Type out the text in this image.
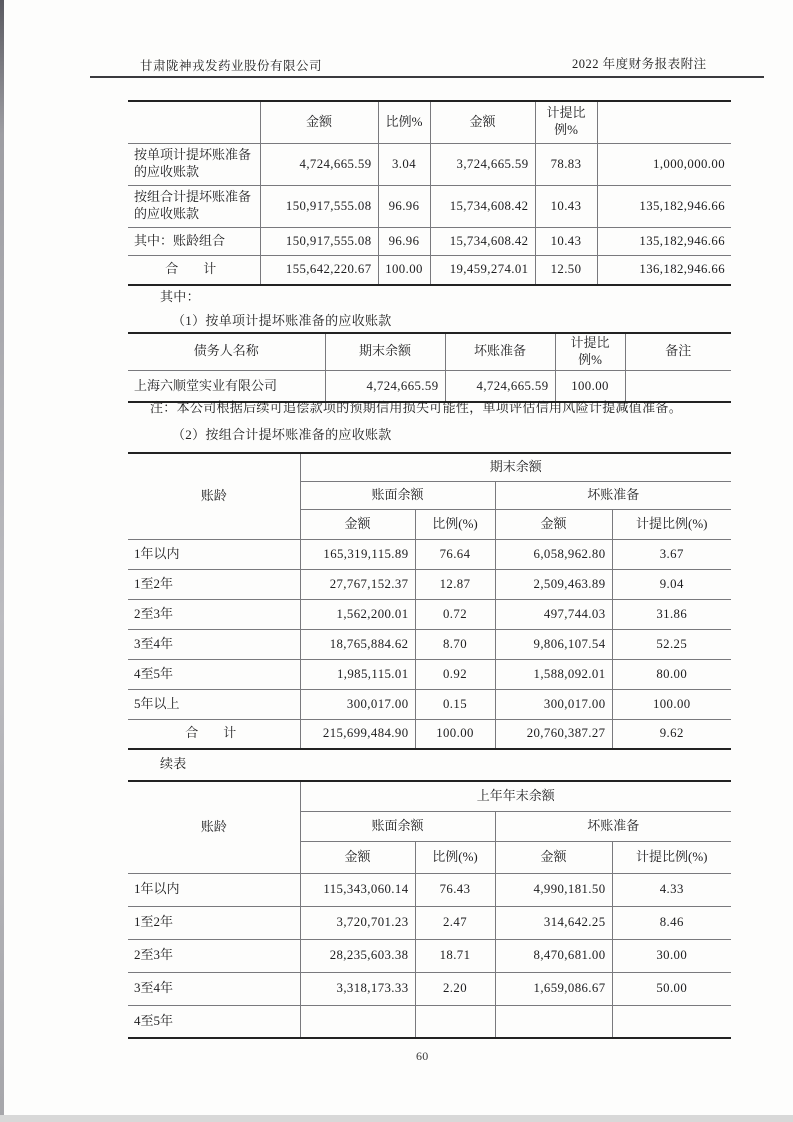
甘肃陇神戎发药业股份有限公司	2022 年度财务报表附注
	金额	比例%	金额	计提比例%	
按单项计提坏账准备的应收账款	4,724,665.59	3.04	3,724,665.59	78.83	1,000,000.00
按组合计提坏账准备的应收账款	150,917,555.08	96.96	15,734,608.42	10.43	135,182,946.66
其中：账龄组合	150,917,555.08	96.96	15,734,608.42	10.43	135,182,946.66
合　计	155,642,220.67	100.00	19,459,274.01	12.50	136,182,946.66
其中：
（1）按单项计提坏账准备的应收账款
债务人名称	期末余额	坏账准备	计提比例%	备注
上海六顺堂实业有限公司	4,724,665.59	4,724,665.59	100.00	
注：本公司根据后续可追偿款项的预期信用损失可能性，单项评估信用风险计提减值准备。
（2）按组合计提坏账准备的应收账款
账龄	期末余额			
	账面余额		坏账准备	
	金额	比例(%)	金额	计提比例(%)
1年以内	165,319,115.89	76.64	6,058,962.80	3.67
1至2年	27,767,152.37	12.87	2,509,463.89	9.04
2至3年	1,562,200.01	0.72	497,744.03	31.86
3至4年	18,765,884.62	8.70	9,806,107.54	52.25
4至5年	1,985,115.01	0.92	1,588,092.01	80.00
5年以上	300,017.00	0.15	300,017.00	100.00
合　计	215,699,484.90	100.00	20,760,387.27	9.62
续表
账龄	上年年末余额			
	账面余额		坏账准备	
	金额	比例(%)	金额	计提比例(%)
1年以内	115,343,060.14	76.43	4,990,181.50	4.33
1至2年	3,720,701.23	2.47	314,642.25	8.46
2至3年	28,235,603.38	18.71	8,470,681.00	30.00
3至4年	3,318,173.33	2.20	1,659,086.67	50.00
4至5年				
60
